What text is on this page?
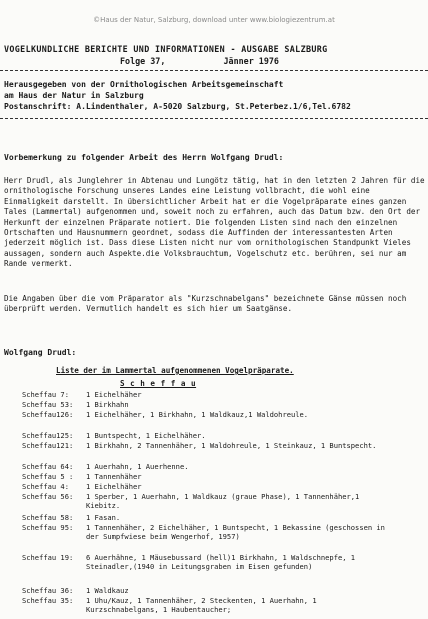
©Haus der Natur, Salzburg, download unter www.biologiezentrum.at
VOGELKUNDLICHE BERICHTE UND INFORMATIONEN - AUSGABE SALZBURG
Folge 37,	Jänner 1976
Herausgegeben von der Ornithologischen Arbeitsgemeinschaft
am Haus der Natur in Salzburg
Postanschrift: A.Lindenthaler, A-5020 Salzburg, St.Peterbez.1/6,Tel.6782
Vorbemerkung zu folgender Arbeit des Herrn Wolfgang Drudl:
Herr Drudl, als Junglehrer in Abtenau und Lungötz tätig, hat in den letzten 2 Jahren für die ornithologische Forschung unseres Landes eine Leistung vollbracht, die wohl eine Einmaligkeit darstellt. In übersichtlicher Arbeit hat er die Vogelpräparate eines ganzen Tales (Lammertal) aufgenommen und, soweit noch zu erfahren, auch das Datum bzw. den Ort der Herkunft der einzelnen Präparate notiert. Die folgenden Listen sind nach den einzelnen Ortschaften und Hausnummern geordnet, sodass die Auffinden der interessantesten Arten jederzeit möglich ist. Dass diese Listen nicht nur vom ornithologischen Standpunkt Vieles aussagen, sondern auch Aspekte.die Volksbrauchtum, Vogelschutz etc. berühren, sei nur am Rande vermerkt.
Die Angaben über die vom Präparator als "Kurzschnabelgans" bezeichnete Gänse müssen noch überprüft werden. Vermutlich handelt es sich hier um Saatgänse.
Wolfgang Drudl:
Liste der im Lammertal aufgenommenen Vogelpräparate.
S c h e f f a u
Scheffau 7: 1 Eichelhäher
Scheffau 53: 1 Birkhahn
Scheffau126: 1 Eichelhäher, 1 Birkhahn, 1 Waldkauz,1 Waldohreule.
Scheffau125: 1 Buntspecht, 1 Eichelhäher.
Scheffau121: 1 Birkhahn, 2 Tannenhäher, 1 Waldohreule, 1 Steinkauz, 1 Buntspecht.
Scheffau 64: 1 Auerhahn, 1 Auerhenne.
Scheffau 5 : 1 Tannenhäher
Scheffau 4: 1 Eichelhäher
Scheffau 56: 1 Sperber, 1 Auerhahn, 1 Waldkauz (graue Phase), 1 Tannenhäher,1 Kiebitz.
Scheffau 58: 1 Fasan.
Scheffau 95: 1 Tannenhäher, 2 Eichelhäher, 1 Buntspecht, 1 Bekassine (geschossen in der Sumpfwiese beim Wengerhof, 1957)
Scheffau 19: 6 Auerhähne, 1 Mäusebussard (hell)1 Birkhahn, 1 Waldschnepfe, 1 Steinadler,(1940 in Leitungsgraben im Eisen gefunden)
Scheffau 36: 1 Waldkauz
Scheffau 35: 1 Uhu/Kauz, 1 Tannenhäher, 2 Steckenten, 1 Auerhahn, 1 Kurzschnabelgans, 1 Haubentaucher;
